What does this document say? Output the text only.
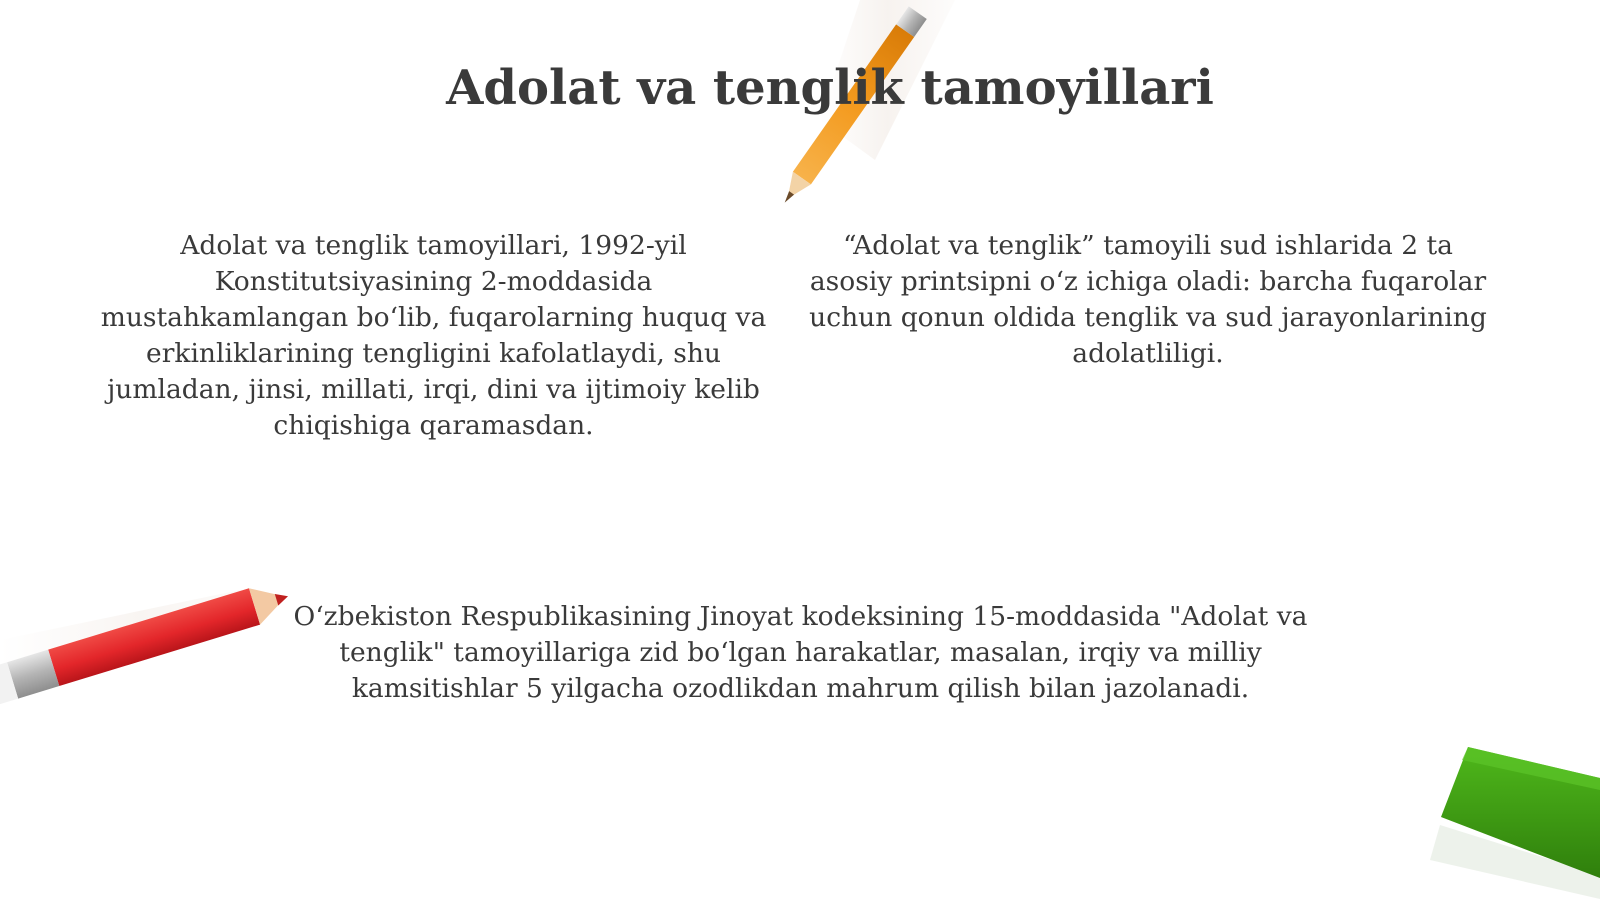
Adolat va tenglik tamoyillari

Adolat va tenglik tamoyillari, 1992-yil Konstitutsiyasining 2-moddasida mustahkamlangan bo‘lib, fuqarolarning huquq va erkinliklarining tengligini kafolatlaydi, shu jumladan, jinsi, millati, irqi, dini va ijtimoiy kelib chiqishiga qaramasdan.

“Adolat va tenglik” tamoyili sud ishlarida 2 ta asosiy printsipni o‘z ichiga oladi: barcha fuqarolar uchun qonun oldida tenglik va sud jarayonlarining adolatliligi.

O‘zbekiston Respublikasining Jinoyat kodeksining 15-moddasida "Adolat va tenglik" tamoyillariga zid bo‘lgan harakatlar, masalan, irqiy va milliy kamsitishlar 5 yilgacha ozodlikdan mahrum qilish bilan jazolanadi.
